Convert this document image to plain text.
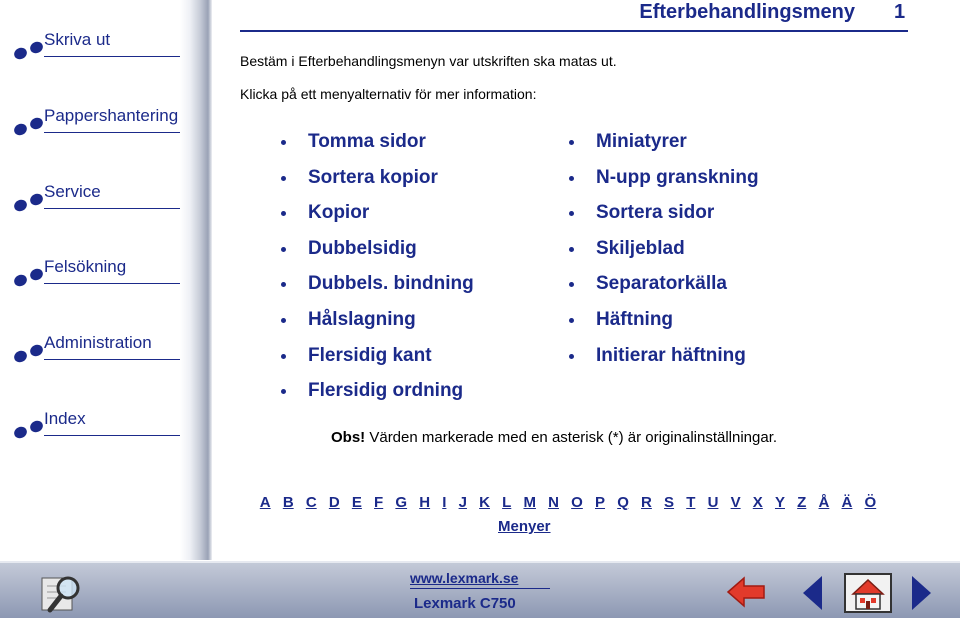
Efterbehandlingsmeny 1
Skriva ut
Pappershantering
Service
Felsökning
Administration
Index
Bestäm i Efterbehandlingsmenyn var utskriften ska matas ut.
Klicka på ett menyalternativ för mer information:
Tomma sidor
Sortera kopior
Kopior
Dubbelsidig
Dubbels. bindning
Hålslagning
Flersidig kant
Flersidig ordning
Miniatyrer
N-upp granskning
Sortera sidor
Skiljeblad
Separatorkälla
Häftning
Initierar häftning
Obs! Värden markerade med en asterisk (*) är originalinställningar.
A B C D E F G H I J K L M N O P Q R S T U V X Y Z Å Ä Ö
Menyer
www.lexmark.se
Lexmark C750
